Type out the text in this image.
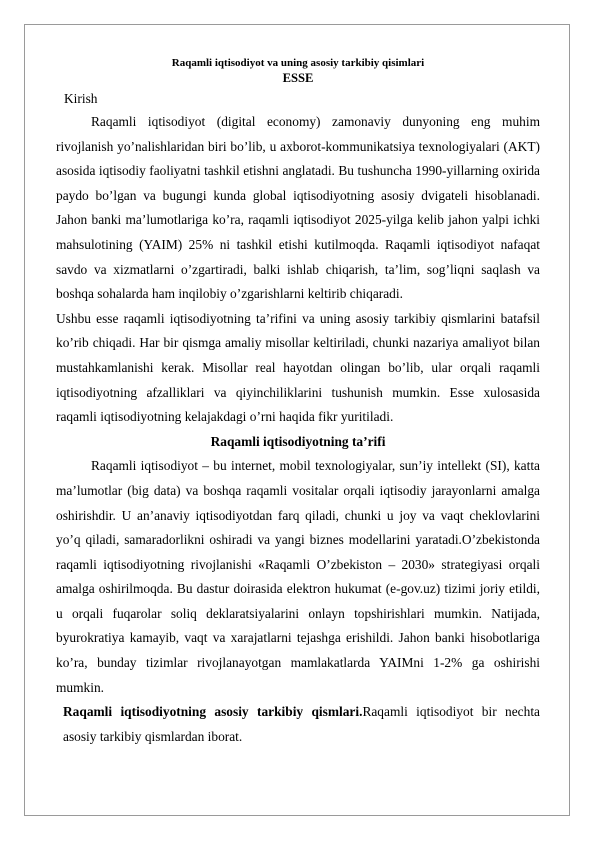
Raqamli iqtisodiyot va uning asosiy tarkibiy qisimlari
ESSE
Kirish

Raqamli iqtisodiyot (digital economy) zamonaviy dunyoning eng muhim rivojlanish yo’nalishlaridan biri bo’lib, u axborot-kommunikatsiya texnologiyalari (AKT) asosida iqtisodiy faoliyatni tashkil etishni anglatadi. Bu tushuncha 1990-yillarning oxirida paydo bo’lgan va bugungi kunda global iqtisodiyotning asosiy dvigateli hisoblanadi. Jahon banki ma’lumotlariga ko’ra, raqamli iqtisodiyot 2025-yilga kelib jahon yalpi ichki mahsulotining (YAIM) 25% ni tashkil etishi kutilmoqda. Raqamli iqtisodiyot nafaqat savdo va xizmatlarni o’zgartiradi, balki ishlab chiqarish, ta’lim, sog’liqni saqlash va boshqa sohalarda ham inqilobiy o’zgarishlarni keltirib chiqaradi.

Ushbu esse raqamli iqtisodiyotning ta’rifini va uning asosiy tarkibiy qismlarini batafsil ko’rib chiqadi. Har bir qismga amaliy misollar keltiriladi, chunki nazariya amaliyot bilan mustahkamlanishi kerak. Misollar real hayotdan olingan bo’lib, ular orqali raqamli iqtisodiyotning afzalliklari va qiyinchiliklarini tushunish mumkin. Esse xulosasida raqamli iqtisodiyotning kelajakdagi o’rni haqida fikr yuritiladi.

Raqamli iqtisodiyotning ta’rifi

Raqamli iqtisodiyot – bu internet, mobil texnologiyalar, sun’iy intellekt (SI), katta ma’lumotlar (big data) va boshqa raqamli vositalar orqali iqtisodiy jarayonlarni amalga oshirishdir. U an’anaviy iqtisodiyotdan farq qiladi, chunki u joy va vaqt cheklovlarini yo’q qiladi, samaradorlikni oshiradi va yangi biznes modellarini yaratadi.O’zbekistonda raqamli iqtisodiyotning rivojlanishi «Raqamli O’zbekiston – 2030» strategiyasi orqali amalga oshirilmoqda. Bu dastur doirasida elektron hukumat (e-gov.uz) tizimi joriy etildi, u orqali fuqarolar soliq deklaratsiyalarini onlayn topshirishlari mumkin. Natijada, byurokratiya kamayib, vaqt va xarajatlarni tejashga erishildi. Jahon banki hisobotlariga ko’ra, bunday tizimlar rivojlanayotgan mamlakatlarda YAIMni 1-2% ga oshirishi mumkin.

Raqamli iqtisodiyotning asosiy tarkibiy qismlari.Raqamli iqtisodiyot bir nechta asosiy tarkibiy qismlardan iborat.
